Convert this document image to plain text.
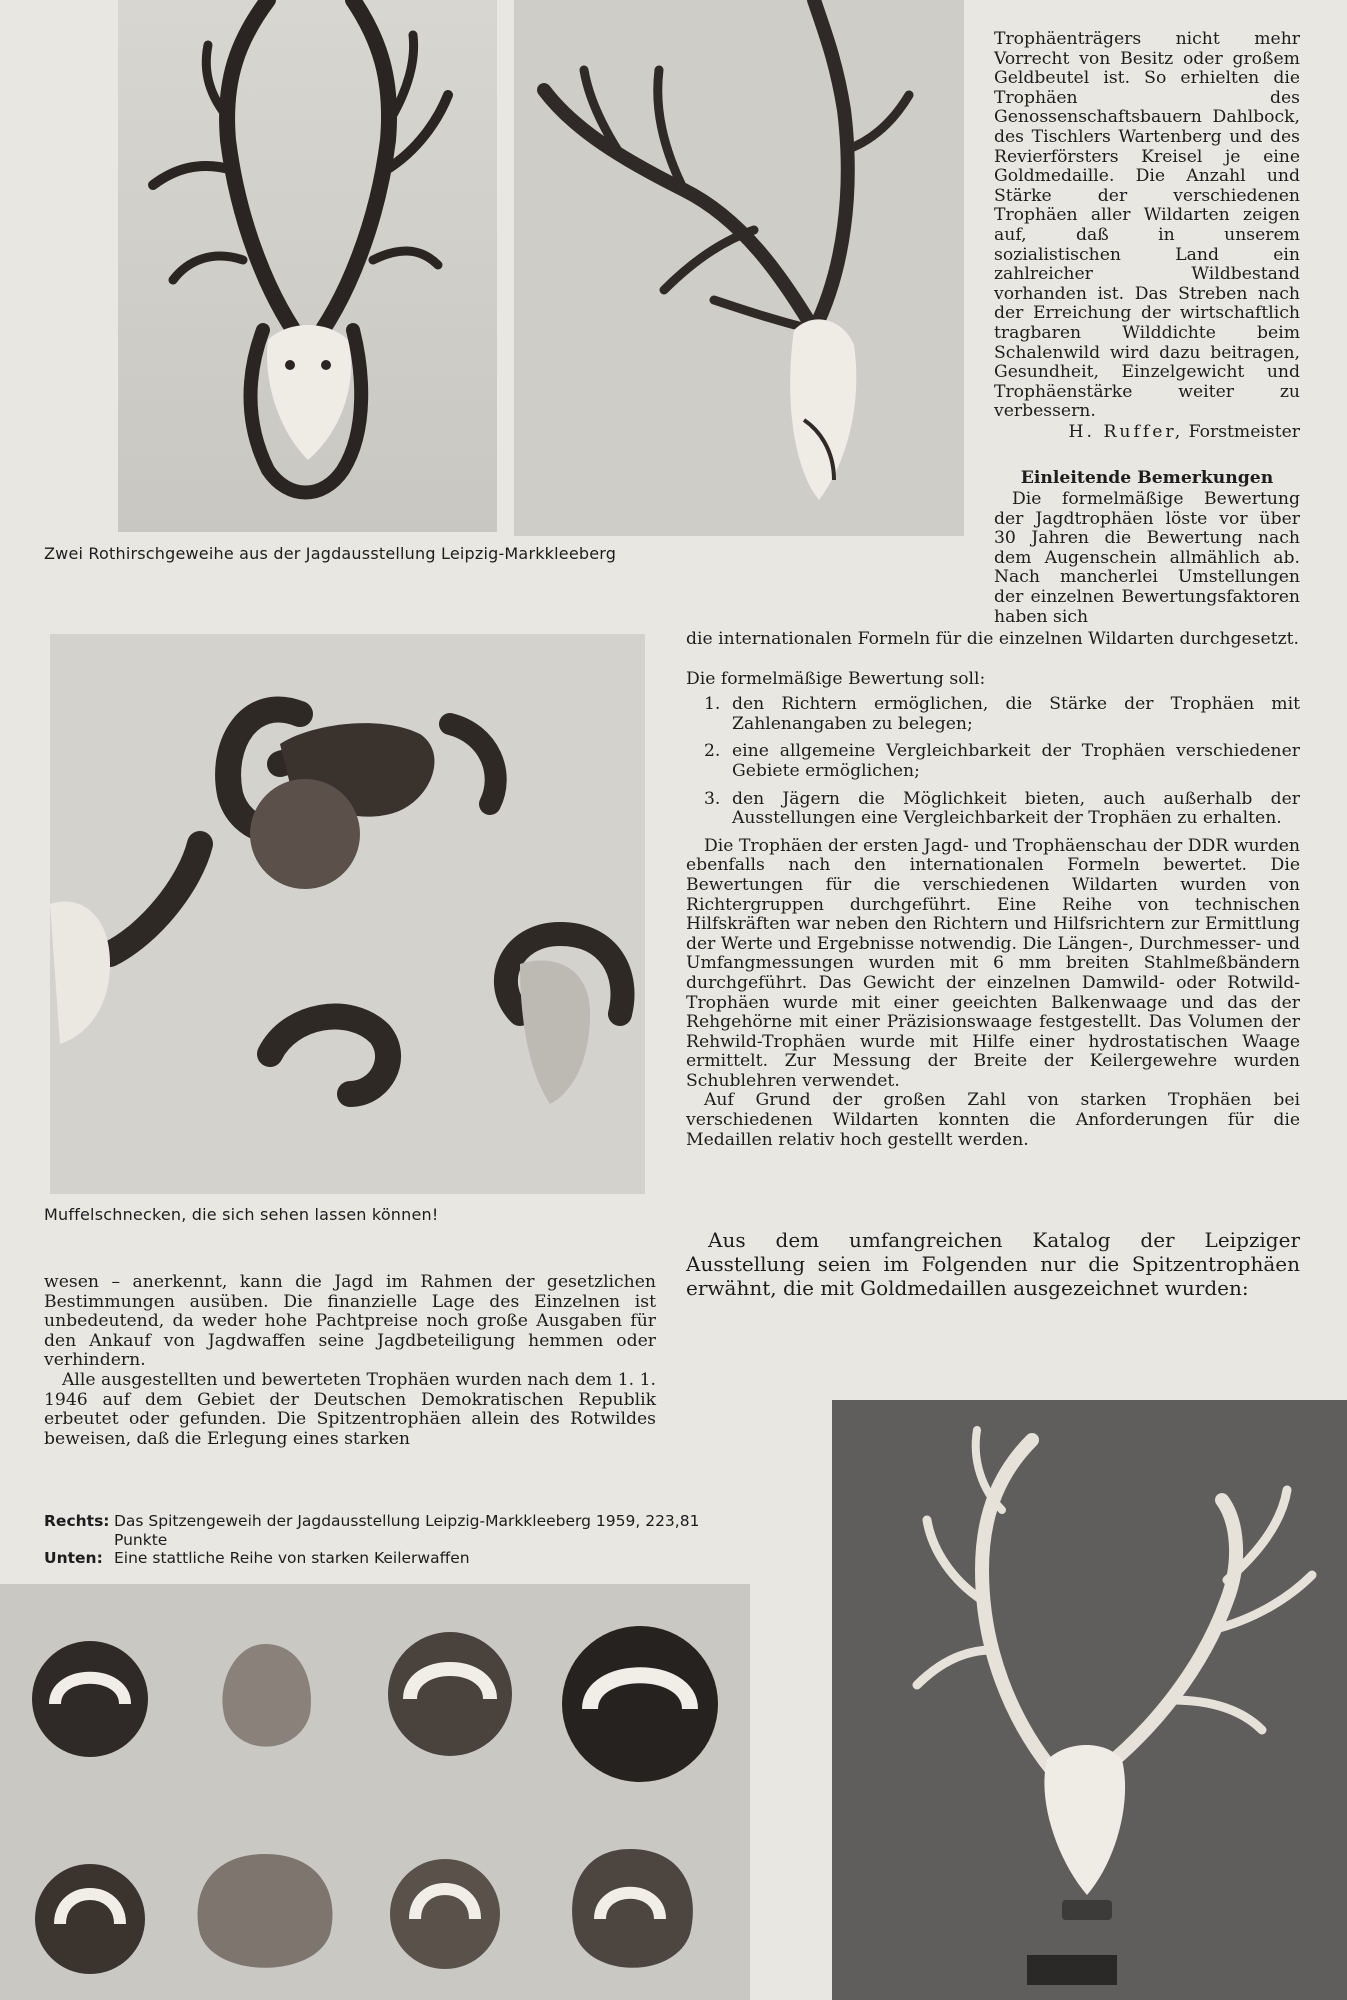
Zwei Rothirschgeweihe aus der Jagdausstellung Leipzig-Markkleeberg

Trophäenträgers nicht mehr Vorrecht von Besitz oder großem Geldbeutel ist. So erhielten die Trophäen des Genossenschaftsbauern Dahlbock, des Tischlers Wartenberg und des Revierförsters Kreisel je eine Goldmedaille. Die Anzahl und Stärke der verschiedenen Trophäen aller Wildarten zeigen auf, daß in unserem sozialistischen Land ein zahlreicher Wildbestand vorhanden ist. Das Streben nach der Erreichung der wirtschaftlich tragbaren Wilddichte beim Schalenwild wird dazu beitragen, Gesundheit, Einzelgewicht und Trophäenstärke weiter zu verbessern.

H. Ruffer, Forstmeister

Einleitende Bemerkungen

Die formelmäßige Bewertung der Jagdtrophäen löste vor über 30 Jahren die Bewertung nach dem Augenschein allmählich ab. Nach mancherlei Umstellungen der einzelnen Bewertungsfaktoren haben sich

die internationalen Formeln für die einzelnen Wildarten durchgesetzt.

Die formelmäßige Bewertung soll:

1. den Richtern ermöglichen, die Stärke der Trophäen mit Zahlenangaben zu belegen;
2. eine allgemeine Vergleichbarkeit der Trophäen verschiedener Gebiete ermöglichen;
3. den Jägern die Möglichkeit bieten, auch außerhalb der Ausstellungen eine Vergleichbarkeit der Trophäen zu erhalten.

Die Trophäen der ersten Jagd- und Trophäenschau der DDR wurden ebenfalls nach den internationalen Formeln bewertet. Die Bewertungen für die verschiedenen Wildarten wurden von Richtergruppen durchgeführt. Eine Reihe von technischen Hilfskräften war neben den Richtern und Hilfsrichtern zur Ermittlung der Werte und Ergebnisse notwendig. Die Längen-, Durchmesser- und Umfangmessungen wurden mit 6 mm breiten Stahlmeßbändern durchgeführt. Das Gewicht der einzelnen Damwild- oder Rotwild-Trophäen wurde mit einer geeichten Balkenwaage und das der Rehgehörne mit einer Präzisionswaage festgestellt. Das Volumen der Rehwild-Trophäen wurde mit Hilfe einer hydrostatischen Waage ermittelt. Zur Messung der Breite der Keilergewehre wurden Schublehren verwendet.

Auf Grund der großen Zahl von starken Trophäen bei verschiedenen Wildarten konnten die Anforderungen für die Medaillen relativ hoch gestellt werden.

Aus dem umfangreichen Katalog der Leipziger Ausstellung seien im Folgenden nur die Spitzentrophäen erwähnt, die mit Goldmedaillen ausgezeichnet wurden:

Muffelschnecken, die sich sehen lassen können!

wesen – anerkennt, kann die Jagd im Rahmen der gesetzlichen Bestimmungen ausüben. Die finanzielle Lage des Einzelnen ist unbedeutend, da weder hohe Pachtpreise noch große Ausgaben für den Ankauf von Jagdwaffen seine Jagdbeteiligung hemmen oder verhindern.

Alle ausgestellten und bewerteten Trophäen wurden nach dem 1. 1. 1946 auf dem Gebiet der Deutschen Demokratischen Republik erbeutet oder gefunden. Die Spitzentrophäen allein des Rotwildes beweisen, daß die Erlegung eines starken

Rechts: Das Spitzengeweih der Jagdausstellung Leipzig-Markkleeberg 1959, 223,81 Punkte
Unten: Eine stattliche Reihe von starken Keilerwaffen
